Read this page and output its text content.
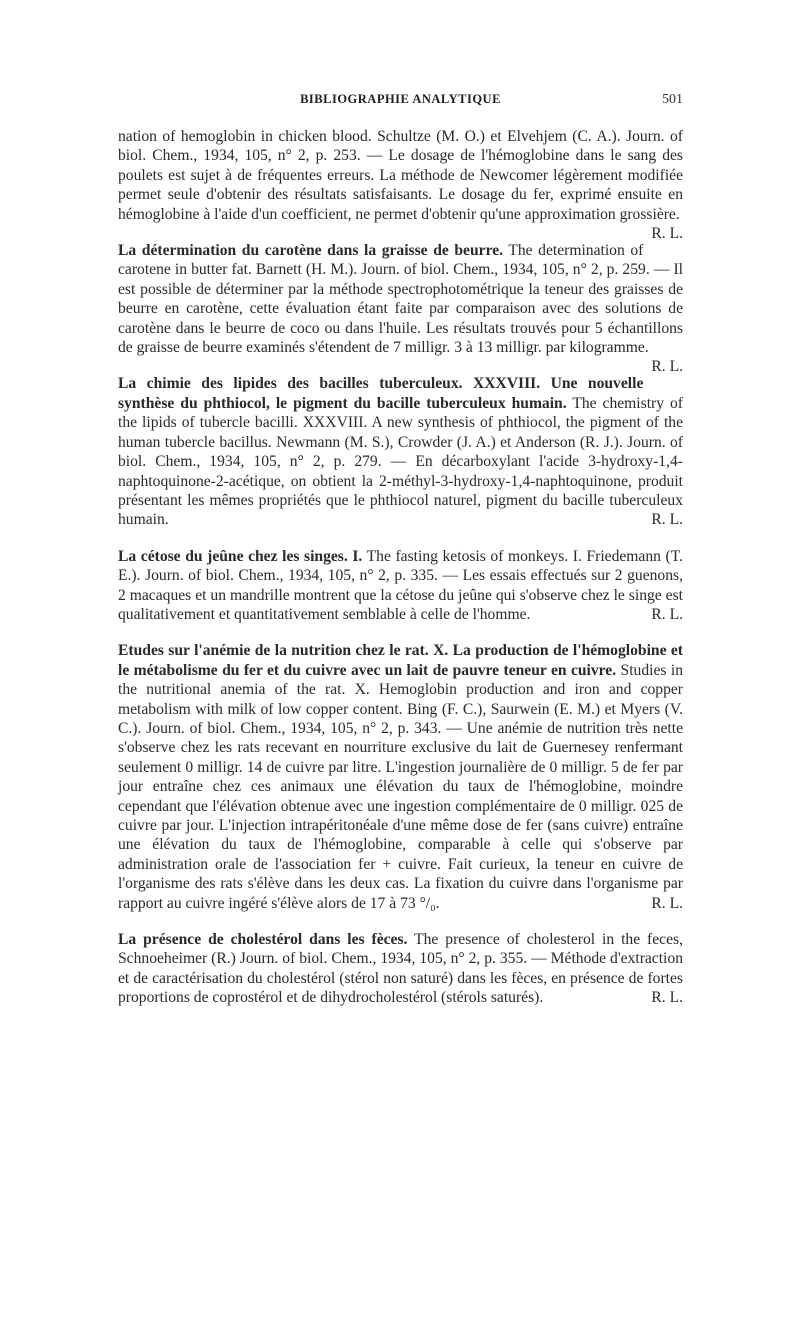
BIBLIOGRAPHIE ANALYTIQUE	501

nation of hemoglobin in chicken blood. Schultze (M. O.) et Elvehjem (C. A.). Journ. of biol. Chem., 1934, 105, n° 2, p. 253. — Le dosage de l'hémoglobine dans le sang des poulets est sujet à de fréquentes erreurs. La méthode de Newcomer légèrement modifiée permet seule d'obtenir des résultats satisfaisants. Le dosage du fer, exprimé ensuite en hémoglobine à l'aide d'un coefficient, ne permet d'obtenir qu'une approximation grossière.
R. L.

La détermination du carotène dans la graisse de beurre. The determination of carotene in butter fat. Barnett (H. M.). Journ. of biol. Chem., 1934, 105, n° 2, p. 259. — Il est possible de déterminer par la méthode spectrophotométrique la teneur des graisses de beurre en carotène, cette évaluation étant faite par comparaison avec des solutions de carotène dans le beurre de coco ou dans l'huile. Les résultats trouvés pour 5 échantillons de graisse de beurre examinés s'étendent de 7 milligr. 3 à 13 milligr. par kilogramme.
R. L.

La chimie des lipides des bacilles tuberculeux. XXXVIII. Une nouvelle synthèse du phthiocol, le pigment du bacille tuberculeux humain. The chemistry of the lipids of tubercle bacilli. XXXVIII. A new synthesis of phthiocol, the pigment of the human tubercle bacillus. Newmann (M. S.), Crowder (J. A.) et Anderson (R. J.). Journ. of biol. Chem., 1934, 105, n° 2, p. 279. — En décarboxylant l'acide 3-hydroxy-1,4-naphtoquinone-2-acétique, on obtient la 2-méthyl-3-hydroxy-1,4-naphtoquinone, produit présentant les mêmes propriétés que le phthiocol naturel, pigment du bacille tuberculeux humain.	R. L.

La cétose du jeûne chez les singes. I. The fasting ketosis of monkeys. I. Friedemann (T. E.). Journ. of biol. Chem., 1934, 105, n° 2, p. 335. — Les essais effectués sur 2 guenons, 2 macaques et un mandrille montrent que la cétose du jeûne qui s'observe chez le singe est qualitativement et quantitativement semblable à celle de l'homme.	R. L.

Etudes sur l'anémie de la nutrition chez le rat. X. La production de l'hémoglobine et le métabolisme du fer et du cuivre avec un lait de pauvre teneur en cuivre. Studies in the nutritional anemia of the rat. X. Hemoglobin production and iron and copper metabolism with milk of low copper content. Bing (F. C.), Saurwein (E. M.) et Myers (V. C.). Journ. of biol. Chem., 1934, 105, n° 2, p. 343. — Une anémie de nutrition très nette s'observe chez les rats recevant en nourriture exclusive du lait de Guernesey renfermant seulement 0 milligr. 14 de cuivre par litre. L'ingestion journalière de 0 milligr. 5 de fer par jour entraîne chez ces animaux une élévation du taux de l'hémoglobine, moindre cependant que l'élévation obtenue avec une ingestion complémentaire de 0 milligr. 025 de cuivre par jour. L'injection intrapéritonéale d'une même dose de fer (sans cuivre) entraîne une élévation du taux de l'hémoglobine, comparable à celle qui s'observe par administration orale de l'association fer + cuivre. Fait curieux, la teneur en cuivre de l'organisme des rats s'élève dans les deux cas. La fixation du cuivre dans l'organisme par rapport au cuivre ingéré s'élève alors de 17 à 73 °/₀.	R. L.

La présence de cholestérol dans les fèces. The presence of cholesterol in the feces, Schnoeheimer (R.) Journ. of biol. Chem., 1934, 105, n° 2, p. 355. — Méthode d'extraction et de caractérisation du cholestérol (stérol non saturé) dans les fèces, en présence de fortes proportions de coprostérol et de dihydrocholestérol (stérols saturés).	R. L.
